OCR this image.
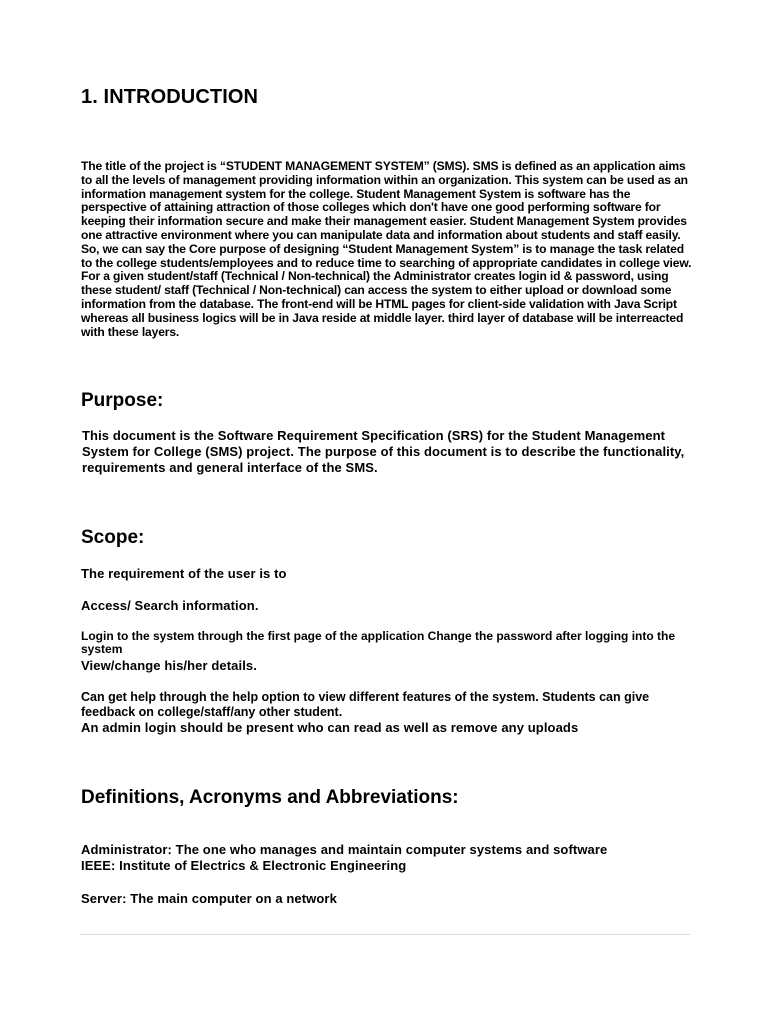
1. INTRODUCTION

The title of the project is “STUDENT MANAGEMENT SYSTEM” (SMS). SMS is defined as an application aims to all the levels of management providing information within an organization. This system can be used as an information management system for the college. Student Management System is software has the perspective of attaining attraction of those colleges which don't have one good performing software for keeping their information secure and make their management easier. Student Management System provides one attractive environment where you can manipulate data and information about students and staff easily. So, we can say the Core purpose of designing “Student Management System” is to manage the task related to the college students/employees and to reduce time to searching of appropriate candidates in college view. For a given student/staff (Technical / Non-technical) the Administrator creates login id & password, using these student/ staff (Technical / Non-technical) can access the system to either upload or download some information from the database. The front-end will be HTML pages for client-side validation with Java Script whereas all business logics will be in Java reside at middle layer. third layer of database will be interreacted with these layers.

Purpose:

This document is the Software Requirement Specification (SRS) for the Student Management System for College (SMS) project. The purpose of this document is to describe the functionality, requirements and general interface of the SMS.

Scope:

The requirement of the user is to

Access/ Search information.

Login to the system through the first page of the application Change the password after logging into the system

View/change his/her details.

Can get help through the help option to view different features of the system. Students can give feedback on college/staff/any other student.

An admin login should be present who can read as well as remove any uploads

Definitions, Acronyms and Abbreviations:

Administrator: The one who manages and maintain computer systems and software

IEEE: Institute of Electrics & Electronic Engineering

Server: The main computer on a network
